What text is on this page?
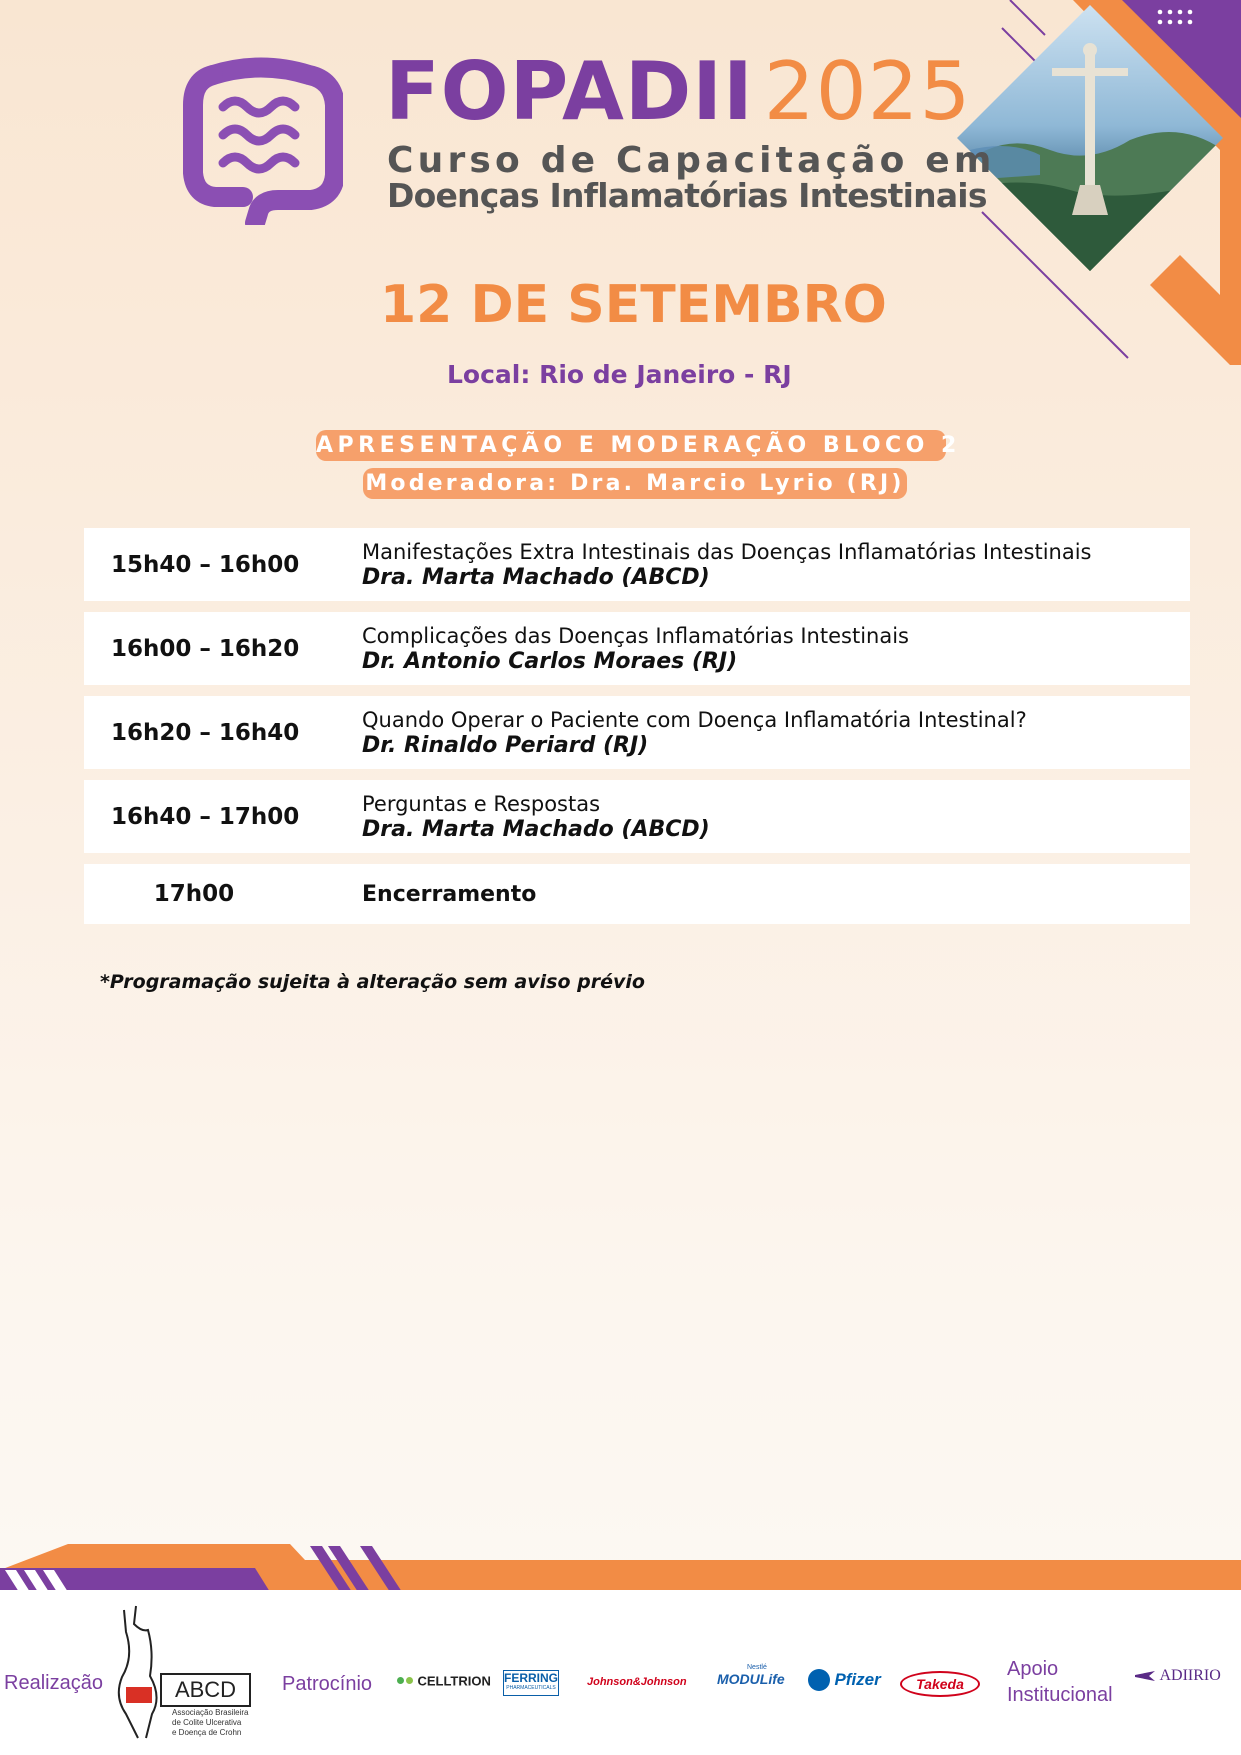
FOPADII 2025
Curso de Capacitação em
Doenças Inflamatórias Intestinais
12 DE SETEMBRO
Local: Rio de Janeiro - RJ
APRESENTAÇÃO E MODERAÇÃO BLOCO 2
Moderadora: Dra. Marcio Lyrio (RJ)
15h40 – 16h00	Manifestações Extra Intestinais das Doenças Inflamatórias Intestinais
Dra. Marta Machado (ABCD)
16h00 – 16h20	Complicações das Doenças Inflamatórias Intestinais
Dr. Antonio Carlos Moraes (RJ)
16h20 – 16h40	Quando Operar o Paciente com Doença Inflamatória Intestinal?
Dr. Rinaldo Periard (RJ)
16h40 – 17h00	Perguntas e Respostas
Dra. Marta Machado (ABCD)
17h00	Encerramento
*Programação sujeita à alteração sem aviso prévio
Realização	ABCD
Associação Brasileira
de Colite Ulcerativa
e Doença de Crohn
Patrocínio	CELLTRION FERRING
PHARMACEUTICALS	Johnson&Johnson
Nestlé
MODULife	Pfizer	Takeda
Apoio
Institucional
ADIIRIO
